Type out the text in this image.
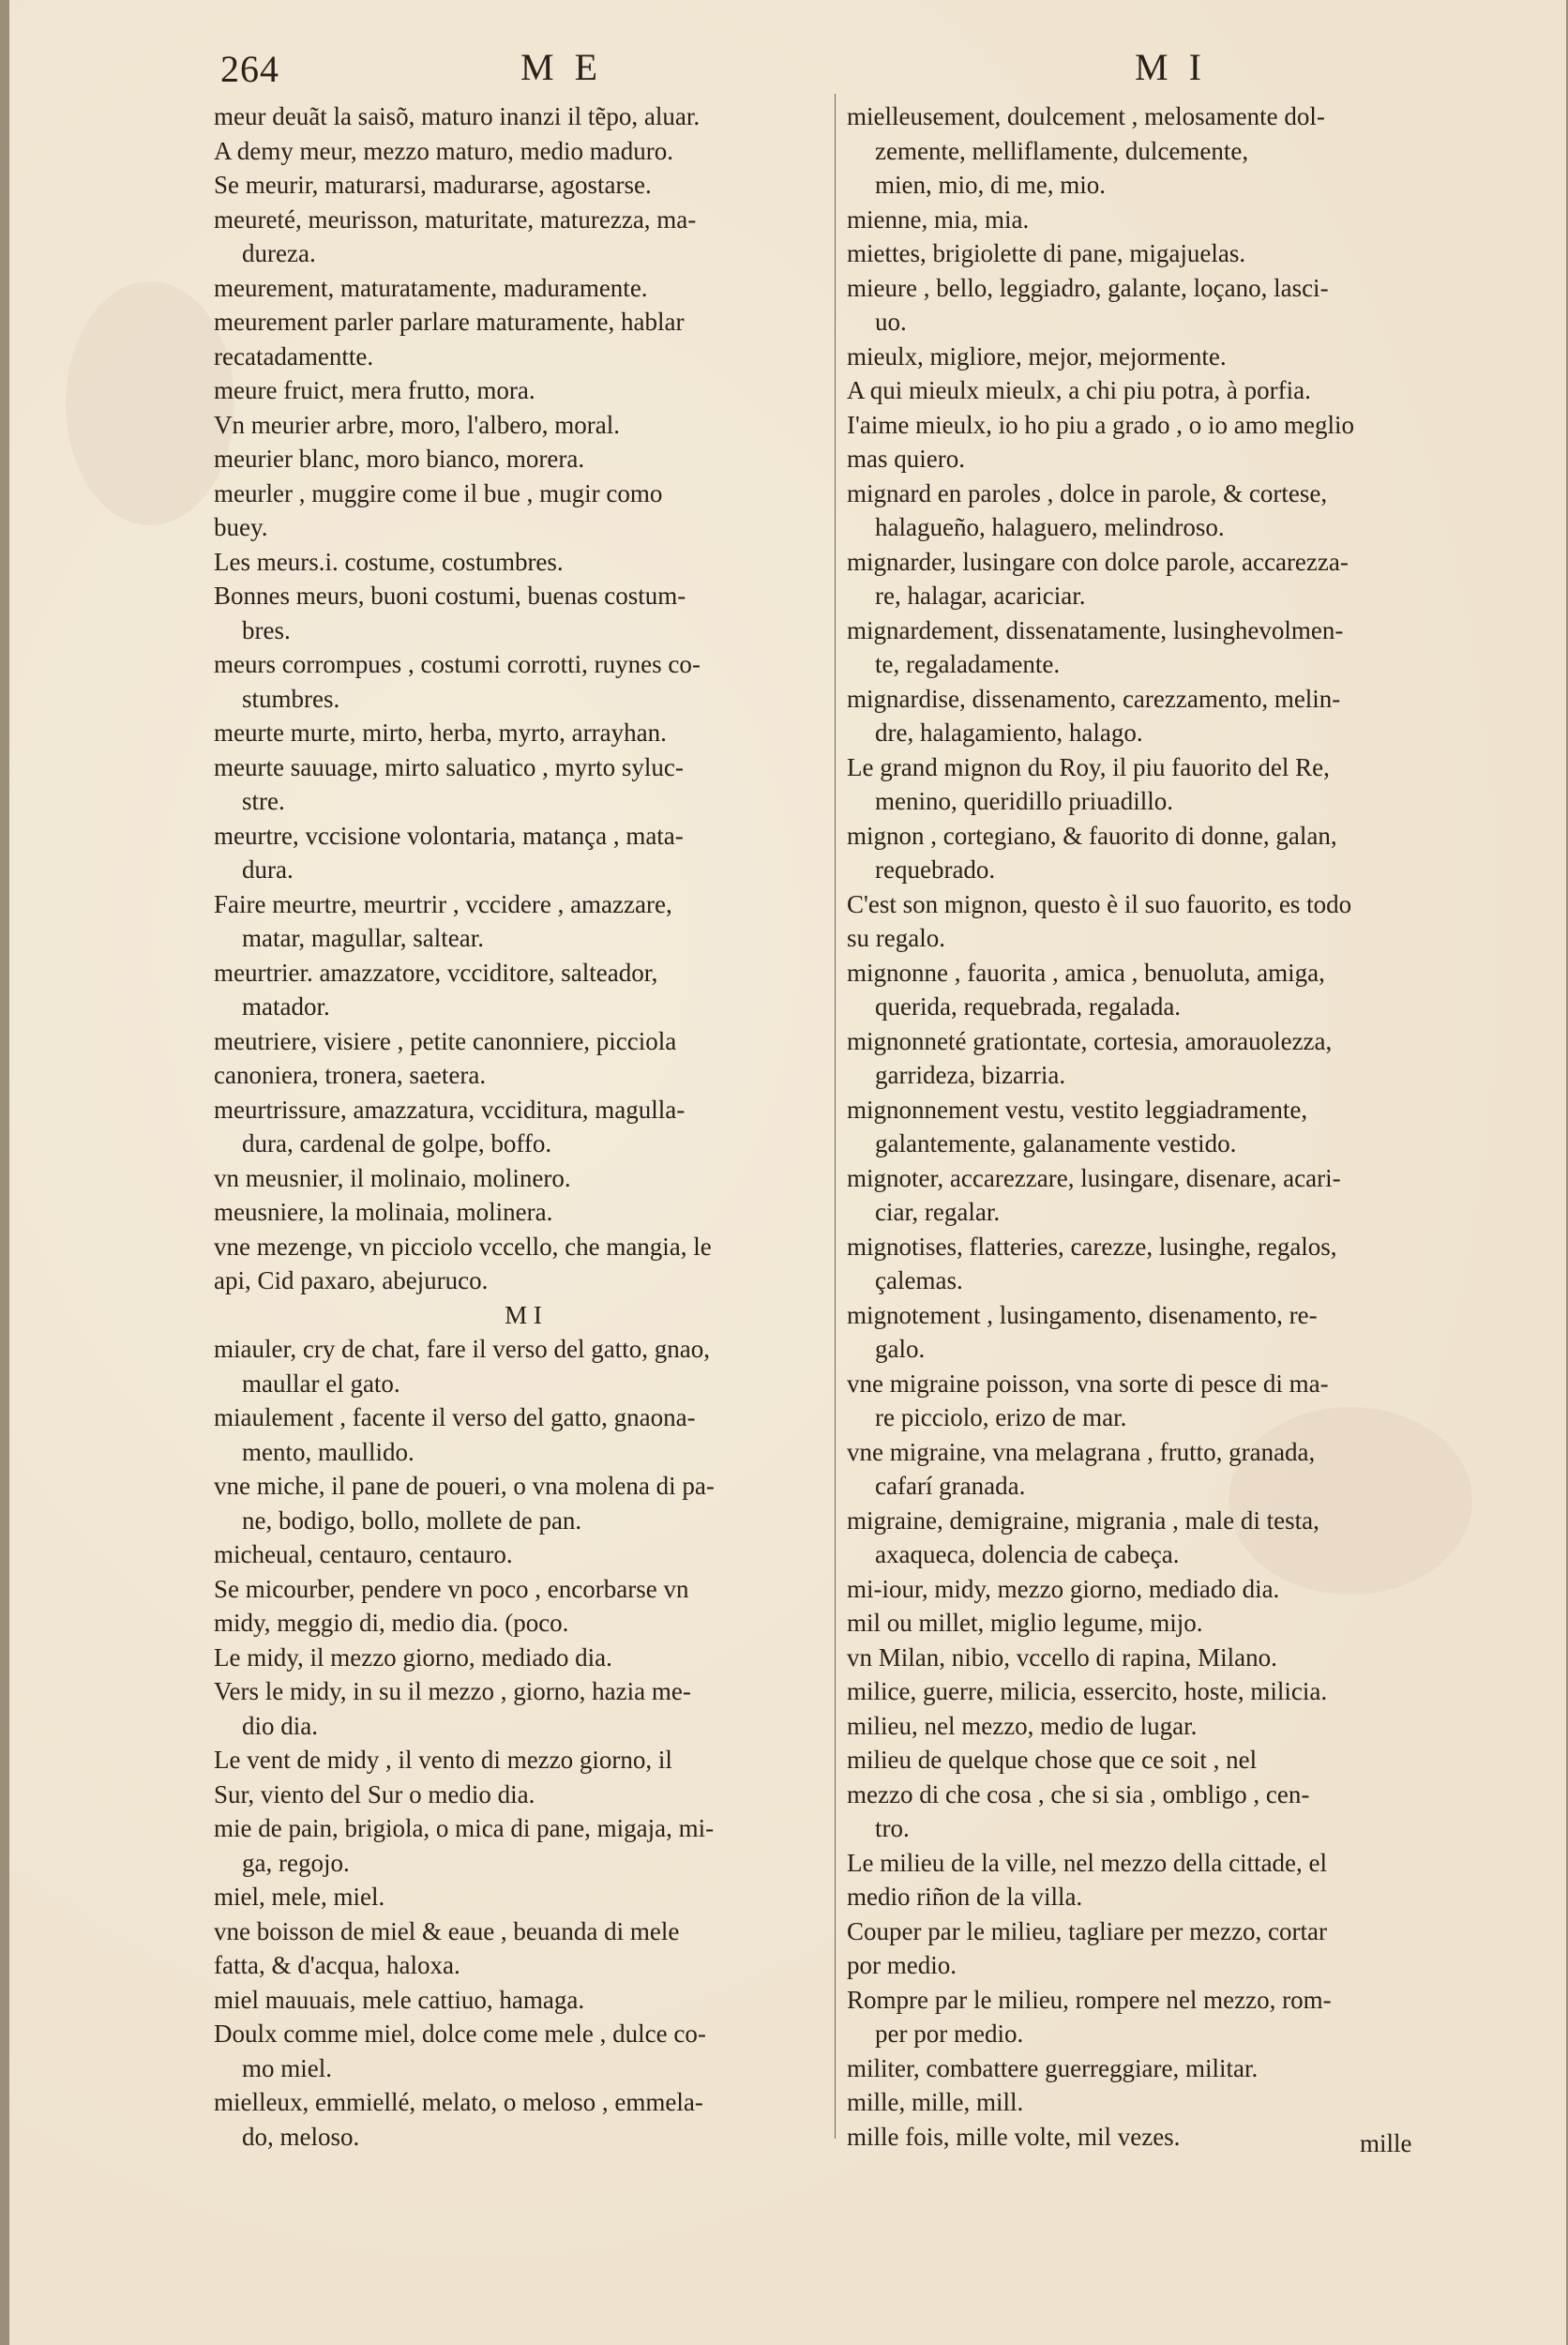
264	M E	M I
meur deuãt la saisõ, maturo inanzi il tẽpo, aluar.
A demy meur, mezzo maturo, medio maduro.
Se meurir, maturarsi, madurarse, agostarse.
meureté, meurisson, maturitate, maturezza, ma-
dureza.
meurement, maturatamente, maduramente.
meurement parler parlare maturamente, hablar
recatadamentte.
meure fruict, mera frutto, mora.
Vn meurier arbre, moro, l'albero, moral.
meurier blanc, moro bianco, morera.
meurler , muggire come il bue , mugir como
buey.
Les meurs.i. costume, costumbres.
Bonnes meurs, buoni costumi, buenas costum-
bres.
meurs corrompues , costumi corrotti, ruynes co-
stumbres.
meurte murte, mirto, herba, myrto, arrayhan.
meurte sauuage, mirto saluatico , myrto syluc-
stre.
meurtre, vccisione volontaria, matança , mata-
dura.
Faire meurtre, meurtrir , vccidere , amazzare,
matar, magullar, saltear.
meurtrier. amazzatore, vcciditore, salteador,
matador.
meutriere, visiere , petite canonniere, picciola
canoniera, tronera, saetera.
meurtrissure, amazzatura, vcciditura, magulla-
dura, cardenal de golpe, boffo.
vn meusnier, il molinaio, molinero.
meusniere, la molinaia, molinera.
vne mezenge, vn picciolo vccello, che mangia, le
api, Cid paxaro, abejuruco.
M I
miauler, cry de chat, fare il verso del gatto, gnao,
maullar el gato.
miaulement , facente il verso del gatto, gnaona-
mento, maullido.
vne miche, il pane de poueri, o vna molena di pa-
ne, bodigo, bollo, mollete de pan.
micheual, centauro, centauro.
Se micourber, pendere vn poco , encorbarse vn
midy, meggio di, medio dia. (poco.
Le midy, il mezzo giorno, mediado dia.
Vers le midy, in su il mezzo , giorno, hazia me-
dio dia.
Le vent de midy , il vento di mezzo giorno, il
Sur, viento del Sur o medio dia.
mie de pain, brigiola, o mica di pane, migaja, mi-
ga, regojo.
miel, mele, miel.
vne boisson de miel & eaue , beuanda di mele
fatta, & d'acqua, haloxa.
miel mauuais, mele cattiuo, hamaga.
Doulx comme miel, dolce come mele , dulce co-
mo miel.
mielleux, emmiellé, melato, o meloso , emmela-
do, meloso.
mielleusement, doulcement , melosamente dol-
zemente, melliflamente, dulcemente,
mien, mio, di me, mio.
mienne, mia, mia.
miettes, brigiolette di pane, migajuelas.
mieure , bello, leggiadro, galante, loçano, lasci-
uo.
mieulx, migliore, mejor, mejormente.
A qui mieulx mieulx, a chi piu potra, à porfia.
I'aime mieulx, io ho piu a grado , o io amo meglio
mas quiero.
mignard en paroles , dolce in parole, & cortese,
halagueño, halaguero, melindroso.
mignarder, lusingare con dolce parole, accarezza-
re, halagar, acariciar.
mignardement, dissenatamente, lusinghevolmen-
te, regaladamente.
mignardise, dissenamento, carezzamento, melin-
dre, halagamiento, halago.
Le grand mignon du Roy, il piu fauorito del Re,
menino, queridillo priuadillo.
mignon , cortegiano, & fauorito di donne, galan,
requebrado.
C'est son mignon, questo è il suo fauorito, es todo
su regalo.
mignonne , fauorita , amica , benuoluta, amiga,
querida, requebrada, regalada.
mignonneté grationtate, cortesia, amorauolezza,
garrideza, bizarria.
mignonnement vestu, vestito leggiadramente,
galantemente, galanamente vestido.
mignoter, accarezzare, lusingare, disenare, acari-
ciar, regalar.
mignotises, flatteries, carezze, lusinghe, regalos,
çalemas.
mignotement , lusingamento, disenamento, re-
galo.
vne migraine poisson, vna sorte di pesce di ma-
re picciolo, erizo de mar.
vne migraine, vna melagrana , frutto, granada,
cafarí granada.
migraine, demigraine, migrania , male di testa,
axaqueca, dolencia de cabeça.
mi-iour, midy, mezzo giorno, mediado dia.
mil ou millet, miglio legume, mijo.
vn Milan, nibio, vccello di rapina, Milano.
milice, guerre, milicia, essercito, hoste, milicia.
milieu, nel mezzo, medio de lugar.
milieu de quelque chose que ce soit , nel
mezzo di che cosa , che si sia , ombligo , cen-
tro.
Le milieu de la ville, nel mezzo della cittade, el
medio riñon de la villa.
Couper par le milieu, tagliare per mezzo, cortar
por medio.
Rompre par le milieu, rompere nel mezzo, rom-
per por medio.
militer, combattere guerreggiare, militar.
mille, mille, mill.
mille fois, mille volte, mil vezes.	mille
